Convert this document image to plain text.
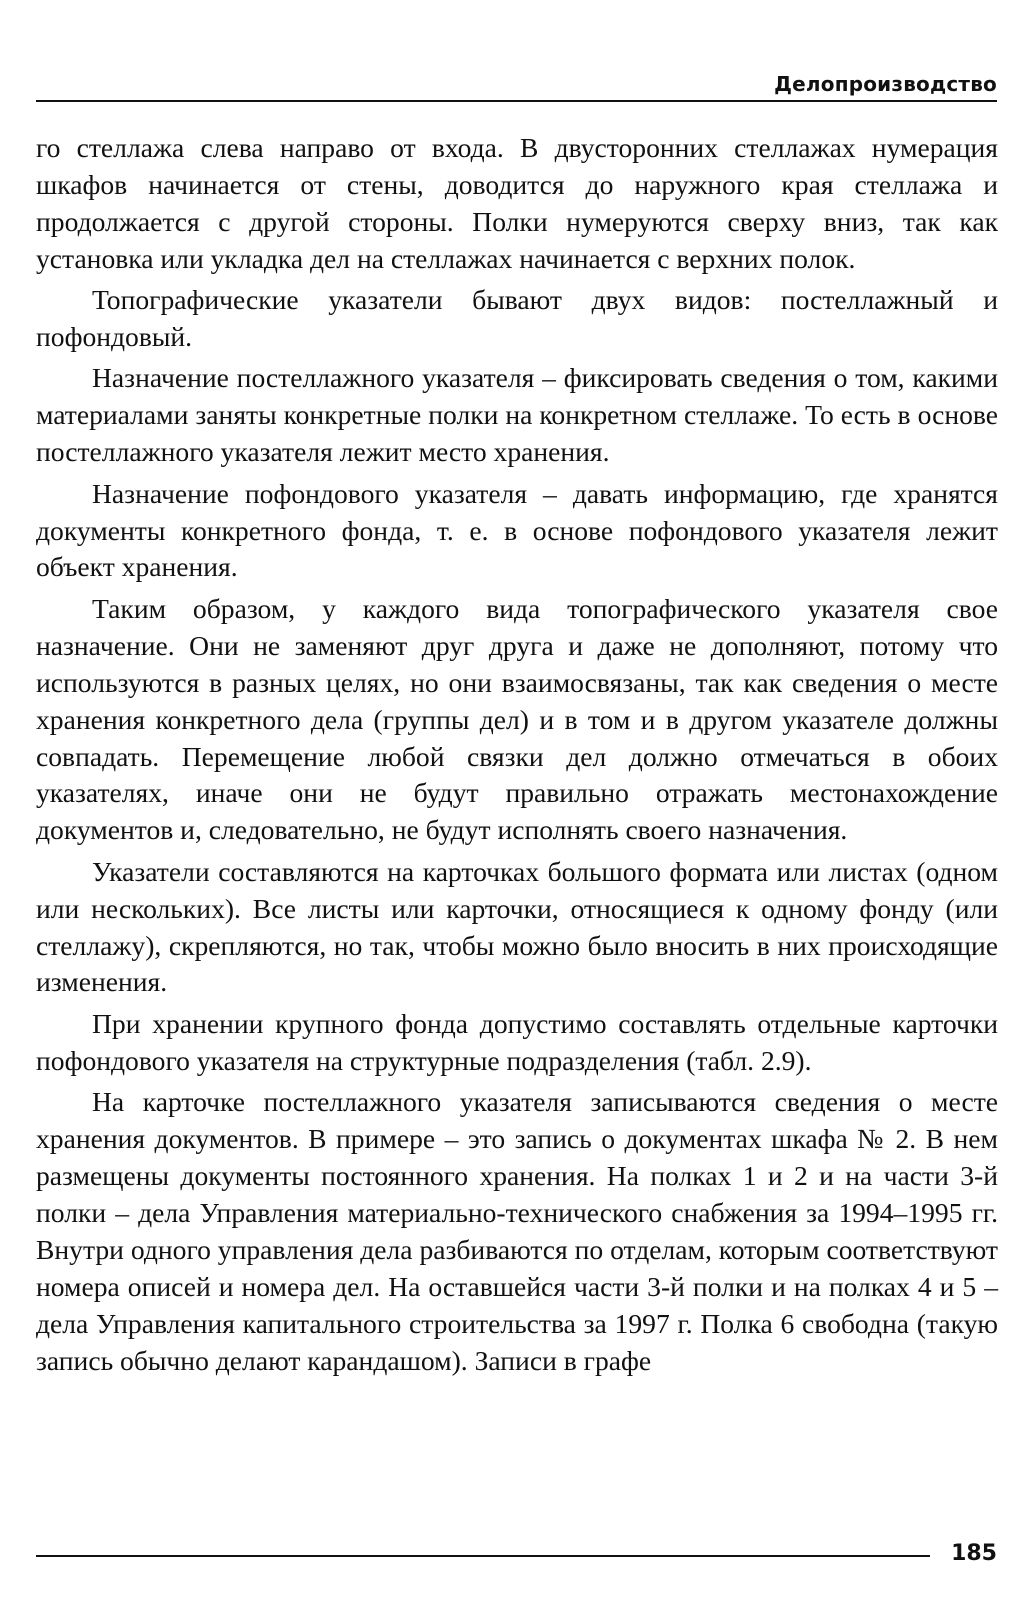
Делопроизводство

го стеллажа слева направо от входа. В двусторонних стеллажах нумерация шкафов начинается от стены, доводится до наружного края стеллажа и продолжается с другой стороны. Полки нумеруются сверху вниз, так как установка или укладка дел на стеллажах начинается с верхних полок.

Топографические указатели бывают двух видов: постеллажный и пофондовый.

Назначение постеллажного указателя – фиксировать сведения о том, какими материалами заняты конкретные полки на конкретном стеллаже. То есть в основе постеллажного указателя лежит место хранения.

Назначение пофондового указателя – давать информацию, где хранятся документы конкретного фонда, т. е. в основе пофондового указателя лежит объект хранения.

Таким образом, у каждого вида топографического указателя свое назначение. Они не заменяют друг друга и даже не дополняют, потому что используются в разных целях, но они взаимосвязаны, так как сведения о месте хранения конкретного дела (группы дел) и в том и в другом указателе должны совпадать. Перемещение любой связки дел должно отмечаться в обоих указателях, иначе они не будут правильно отражать местонахождение документов и, следовательно, не будут исполнять своего назначения.

Указатели составляются на карточках большого формата или листах (одном или нескольких). Все листы или карточки, относящиеся к одному фонду (или стеллажу), скрепляются, но так, чтобы можно было вносить в них происходящие изменения.

При хранении крупного фонда допустимо составлять отдельные карточки пофондового указателя на структурные подразделения (табл. 2.9).

На карточке постеллажного указателя записываются сведения о месте хранения документов. В примере – это запись о документах шкафа № 2. В нем размещены документы постоянного хранения. На полках 1 и 2 и на части 3-й полки – дела Управления материально-технического снабжения за 1994–1995 гг. Внутри одного управления дела разбиваются по отделам, которым соответствуют номера описей и номера дел. На оставшейся части 3-й полки и на полках 4 и 5 – дела Управления капитального строительства за 1997 г. Полка 6 свободна (такую запись обычно делают карандашом). Записи в графе

185
